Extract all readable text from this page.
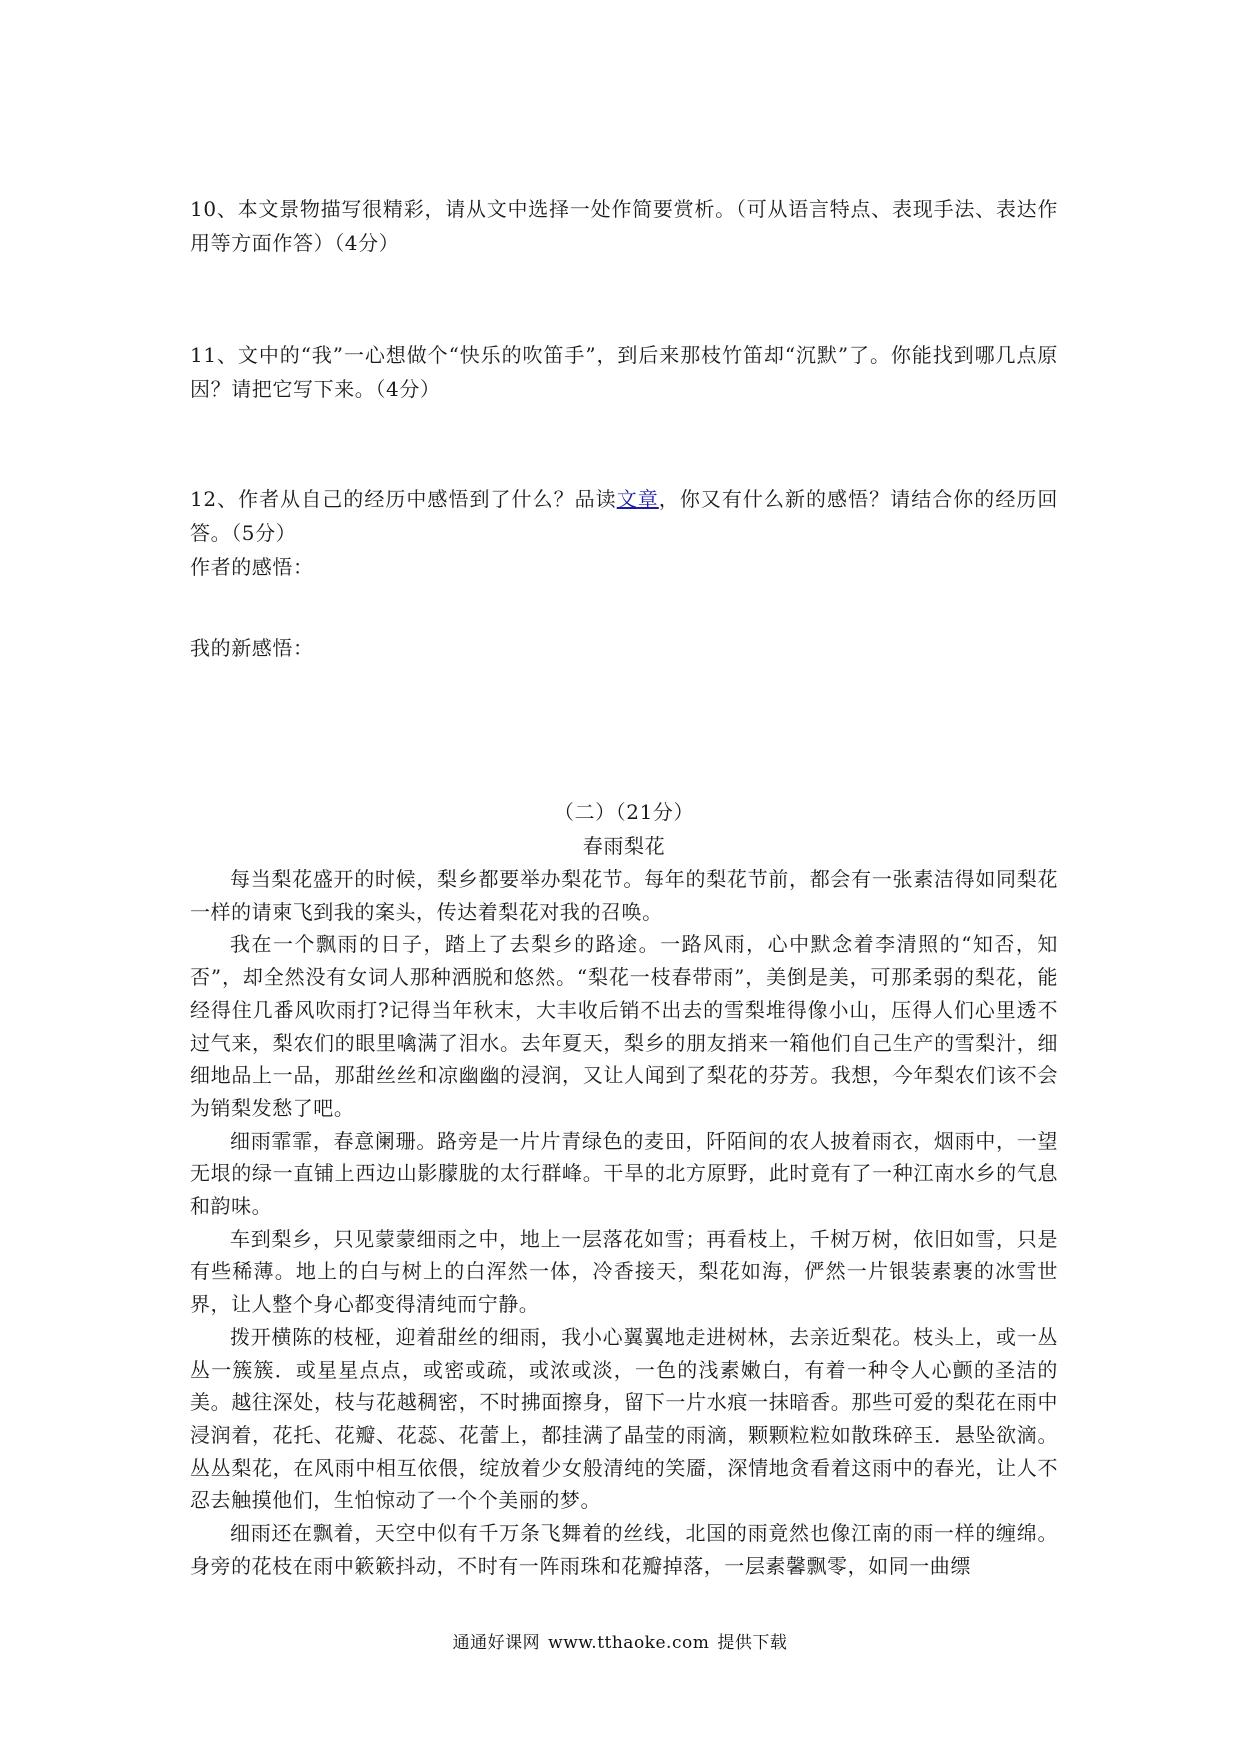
10、本文景物描写很精彩，请从文中选择一处作简要赏析。（可从语言特点、表现手法、表达作用等方面作答）（4分）
11、文中的“我”一心想做个“快乐的吹笛手”，到后来那枝竹笛却“沉默”了。你能找到哪几点原因？请把它写下来。（4分）
12、作者从自己的经历中感悟到了什么？品读文章，你又有什么新的感悟？请结合你的经历回答。（5分）
作者的感悟：
我的新感悟：
（二）（21分）
春雨梨花

每当梨花盛开的时候，梨乡都要举办梨花节。每年的梨花节前，都会有一张素洁得如同梨花一样的请柬飞到我的案头，传达着梨花对我的召唤。

我在一个飘雨的日子，踏上了去梨乡的路途。一路风雨，心中默念着李清照的“知否，知否”，却全然没有女词人那种洒脱和悠然。“梨花一枝春带雨”，美倒是美，可那柔弱的梨花，能经得住几番风吹雨打?记得当年秋末，大丰收后销不出去的雪梨堆得像小山，压得人们心里透不过气来，梨农们的眼里噙满了泪水。去年夏天，梨乡的朋友捎来一箱他们自己生产的雪梨汁，细细地品上一品，那甜丝丝和凉幽幽的浸润，又让人闻到了梨花的芬芳。我想，今年梨农们该不会为销梨发愁了吧。

细雨霏霏，春意阑珊。路旁是一片片青绿色的麦田，阡陌间的农人披着雨衣，烟雨中，一望无垠的绿一直铺上西边山影朦胧的太行群峰。干旱的北方原野，此时竟有了一种江南水乡的气息和韵味。

车到梨乡，只见蒙蒙细雨之中，地上一层落花如雪；再看枝上，千树万树，依旧如雪，只是有些稀薄。地上的白与树上的白浑然一体，冷香接天，梨花如海，俨然一片银装素裹的冰雪世界，让人整个身心都变得清纯而宁静。

拨开横陈的枝桠，迎着甜丝的细雨，我小心翼翼地走进树林，去亲近梨花。枝头上，或一丛丛一簇簇．或星星点点，或密或疏，或浓或淡，一色的浅素嫩白，有着一种令人心颤的圣洁的美。越往深处，枝与花越稠密，不时拂面擦身，留下一片水痕一抹暗香。那些可爱的梨花在雨中浸润着，花托、花瓣、花蕊、花蕾上，都挂满了晶莹的雨滴，颗颗粒粒如散珠碎玉．悬坠欲滴。丛丛梨花，在风雨中相互依偎，绽放着少女般清纯的笑靥，深情地贪看着这雨中的春光，让人不忍去触摸他们，生怕惊动了一个个美丽的梦。

细雨还在飘着，天空中似有千万条飞舞着的丝线，北国的雨竟然也像江南的雨一样的缠绵。身旁的花枝在雨中簌簌抖动，不时有一阵雨珠和花瓣掉落，一层素馨飘零，如同一曲缥

通通好课网 www.tthaoke.com 提供下载
